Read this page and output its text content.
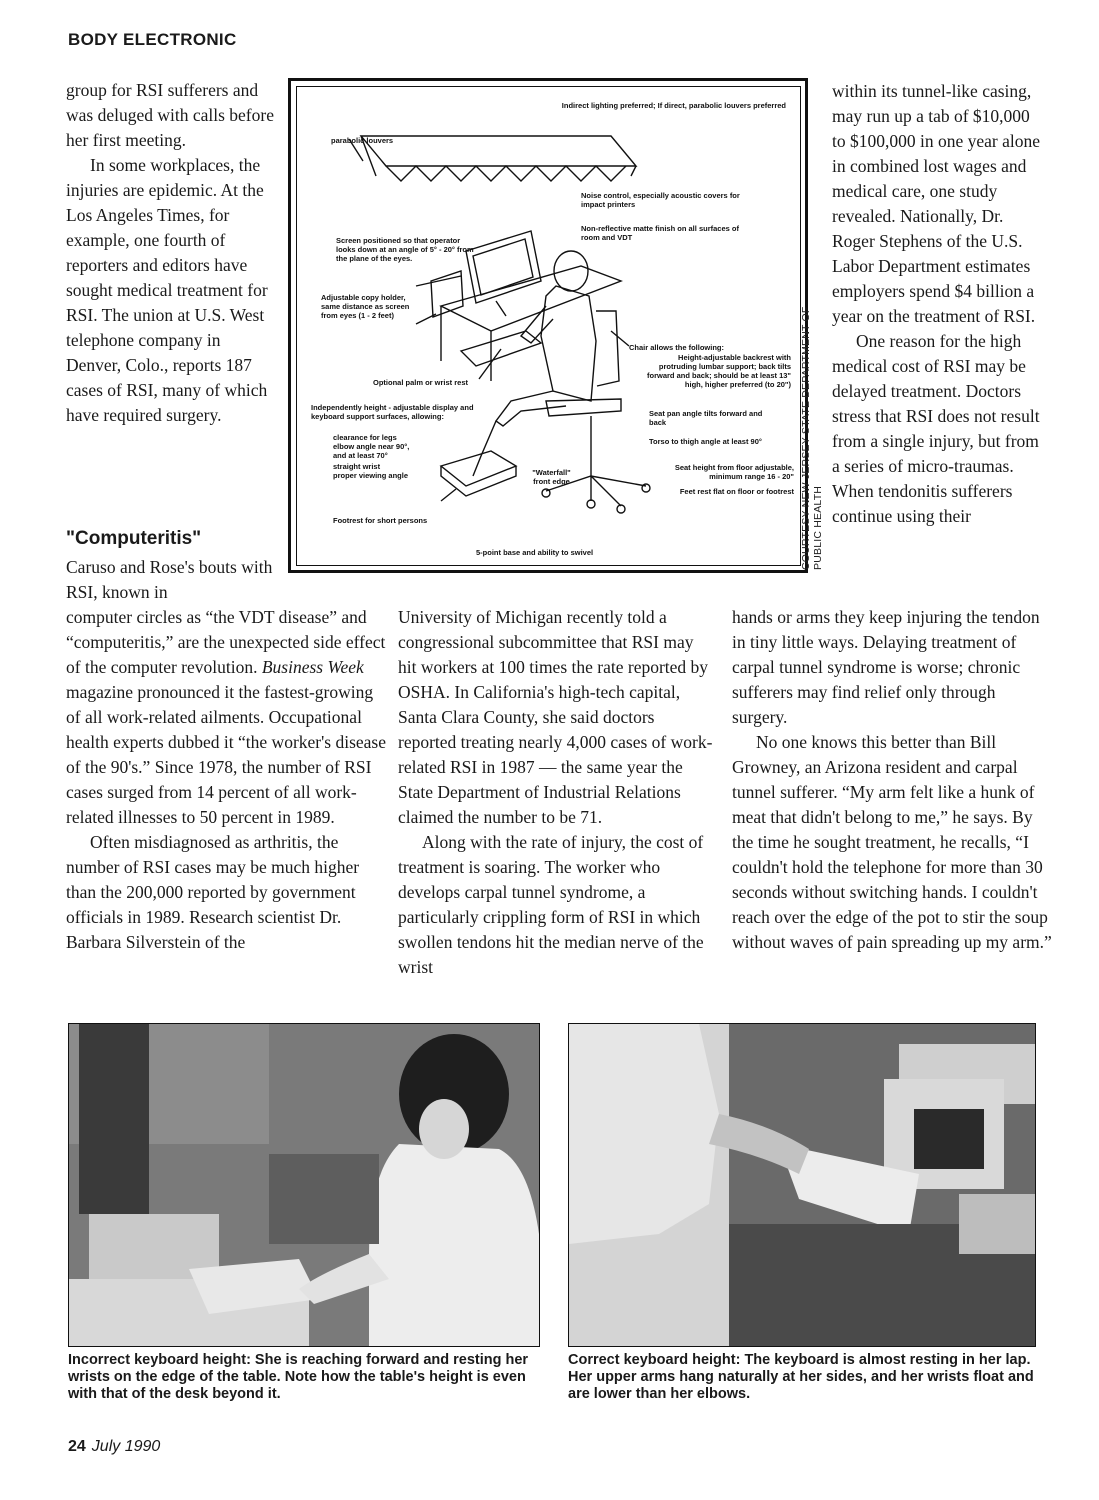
BODY ELECTRONIC

group for RSI sufferers and was deluged with calls before her first meeting.

In some workplaces, the injuries are epidemic. At the Los Angeles Times, for example, one fourth of reporters and editors have sought medical treatment for RSI. The union at U.S. West telephone company in Denver, Colo., reports 187 cases of RSI, many of which have required surgery.

"Computeritis"

Caruso and Rose's bouts with RSI, known in

computer circles as “the VDT disease” and “computeritis,” are the unexpected side effect of the computer revolution. Business Week magazine pronounced it the fastest-growing of all work-related ailments. Occupational health experts dubbed it “the worker's disease of the 90's.” Since 1978, the number of RSI cases surged from 14 percent of all work-related illnesses to 50 percent in 1989.

Often misdiagnosed as arthritis, the number of RSI cases may be much higher than the 200,000 reported by government officials in 1989. Research scientist Dr. Barbara Silverstein of the

University of Michigan recently told a congressional subcommittee that RSI may hit workers at 100 times the rate reported by OSHA. In California's high-tech capital, Santa Clara County, she said doctors reported treating nearly 4,000 cases of work-related RSI in 1987 — the same year the State Department of Industrial Relations claimed the number to be 71.

Along with the rate of injury, the cost of treatment is soaring. The worker who develops carpal tunnel syndrome, a particularly crippling form of RSI in which swollen tendons hit the median nerve of the wrist

within its tunnel-like casing, may run up a tab of $10,000 to $100,000 in one year alone in combined lost wages and medical care, one study revealed. Nationally, Dr. Roger Stephens of the U.S. Labor Department estimates employers spend $4 billion a year on the treatment of RSI.

One reason for the high medical cost of RSI may be delayed treatment. Doctors stress that RSI does not result from a single injury, but from a series of micro-traumas. When tendonitis sufferers continue using their

hands or arms they keep injuring the tendon in tiny little ways. Delaying treatment of carpal tunnel syndrome is worse; chronic sufferers may find relief only through surgery.

No one knows this better than Bill Growney, an Arizona resident and carpal tunnel sufferer. “My arm felt like a hunk of meat that didn't belong to me,” he says. By the time he sought treatment, he recalls, “I couldn't hold the telephone for more than 30 seconds without switching hands. I couldn't reach over the edge of the pot to stir the soup without waves of pain spreading up my arm.”

Indirect lighting preferred; If direct, parabolic louvers preferred
parabolic louvers
Noise control, especially acoustic covers for impact printers
Non-reflective matte finish on all surfaces of room and VDT
Screen positioned so that operator looks down at an angle of 5° - 20° from the plane of the eyes.
Adjustable copy holder, same distance as screen from eyes (1 - 2 feet)
Chair allows the following:
Height-adjustable backrest with protruding lumbar support; back tilts forward and back; should be at least 13" high, higher preferred (to 20")
Optional palm or wrist rest
Seat pan angle tilts forward and back
Independently height - adjustable display and keyboard support surfaces, allowing:
Torso to thigh angle at least 90°
clearance for legs
elbow angle near 90°, and at least 70°
straight wrist
proper viewing angle	"Waterfall" front edge
Seat height from floor adjustable, minimum range 16 - 20"
Feet rest flat on floor or footrest
Footrest for short persons
5-point base and ability to swivel	COURTESY NEW JERSEY STATE DEPARTMENT OF PUBLIC HEALTH
Incorrect keyboard height: She is reaching forward and resting her wrists on the edge of the table. Note how the table's height is even with that of the desk beyond it.
Correct keyboard height: The keyboard is almost resting in her lap. Her upper arms hang naturally at her sides, and her wrists float and are lower than her elbows.
24 July 1990
